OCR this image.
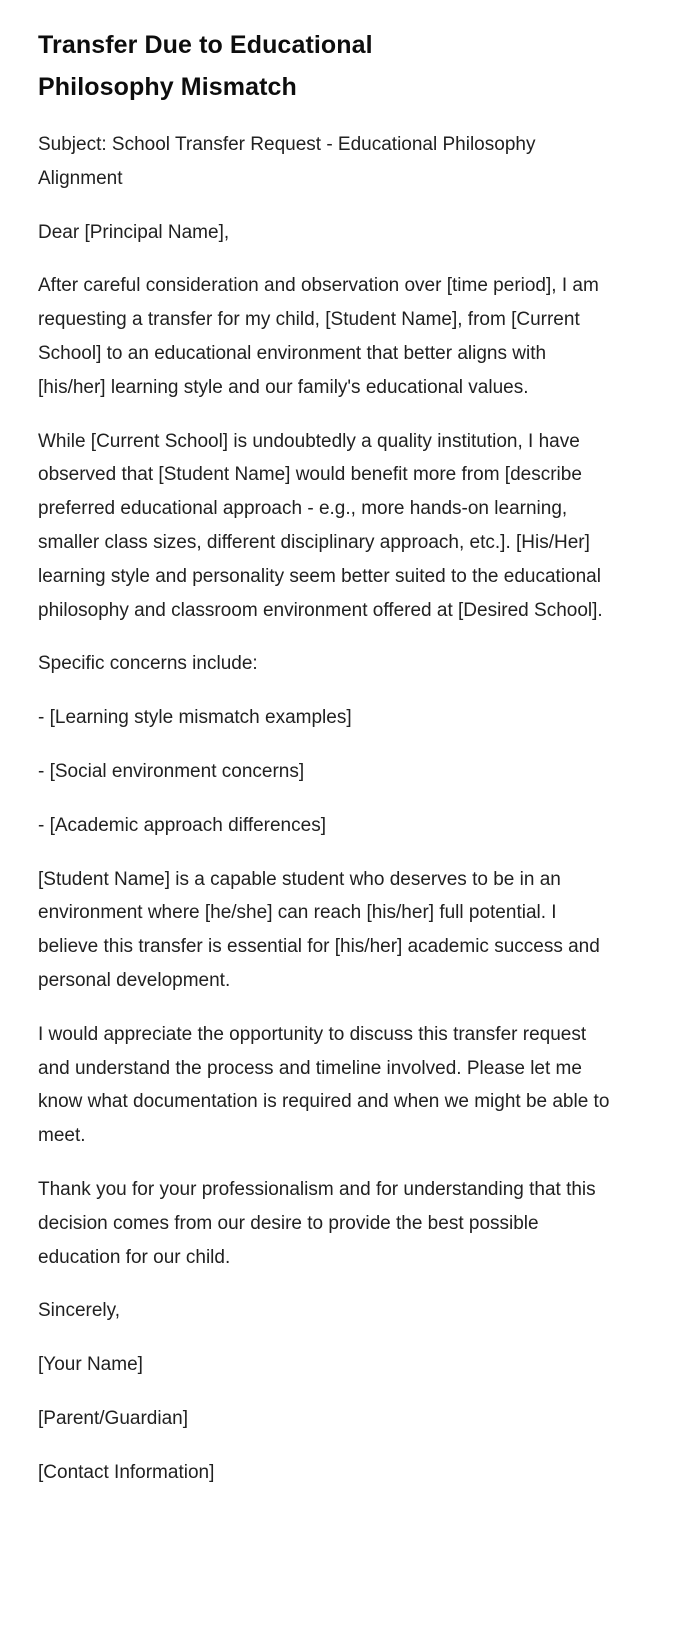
Transfer Due to Educational Philosophy Mismatch

Subject: School Transfer Request - Educational Philosophy Alignment

Dear [Principal Name],

After careful consideration and observation over [time period], I am requesting a transfer for my child, [Student Name], from [Current School] to an educational environment that better aligns with [his/her] learning style and our family's educational values.

While [Current School] is undoubtedly a quality institution, I have observed that [Student Name] would benefit more from [describe preferred educational approach - e.g., more hands-on learning, smaller class sizes, different disciplinary approach, etc.]. [His/Her] learning style and personality seem better suited to the educational philosophy and classroom environment offered at [Desired School].

Specific concerns include:

- [Learning style mismatch examples]

- [Social environment concerns]

- [Academic approach differences]

[Student Name] is a capable student who deserves to be in an environment where [he/she] can reach [his/her] full potential. I believe this transfer is essential for [his/her] academic success and personal development.

I would appreciate the opportunity to discuss this transfer request and understand the process and timeline involved. Please let me know what documentation is required and when we might be able to meet.

Thank you for your professionalism and for understanding that this decision comes from our desire to provide the best possible education for our child.

Sincerely,

[Your Name]

[Parent/Guardian]

[Contact Information]
